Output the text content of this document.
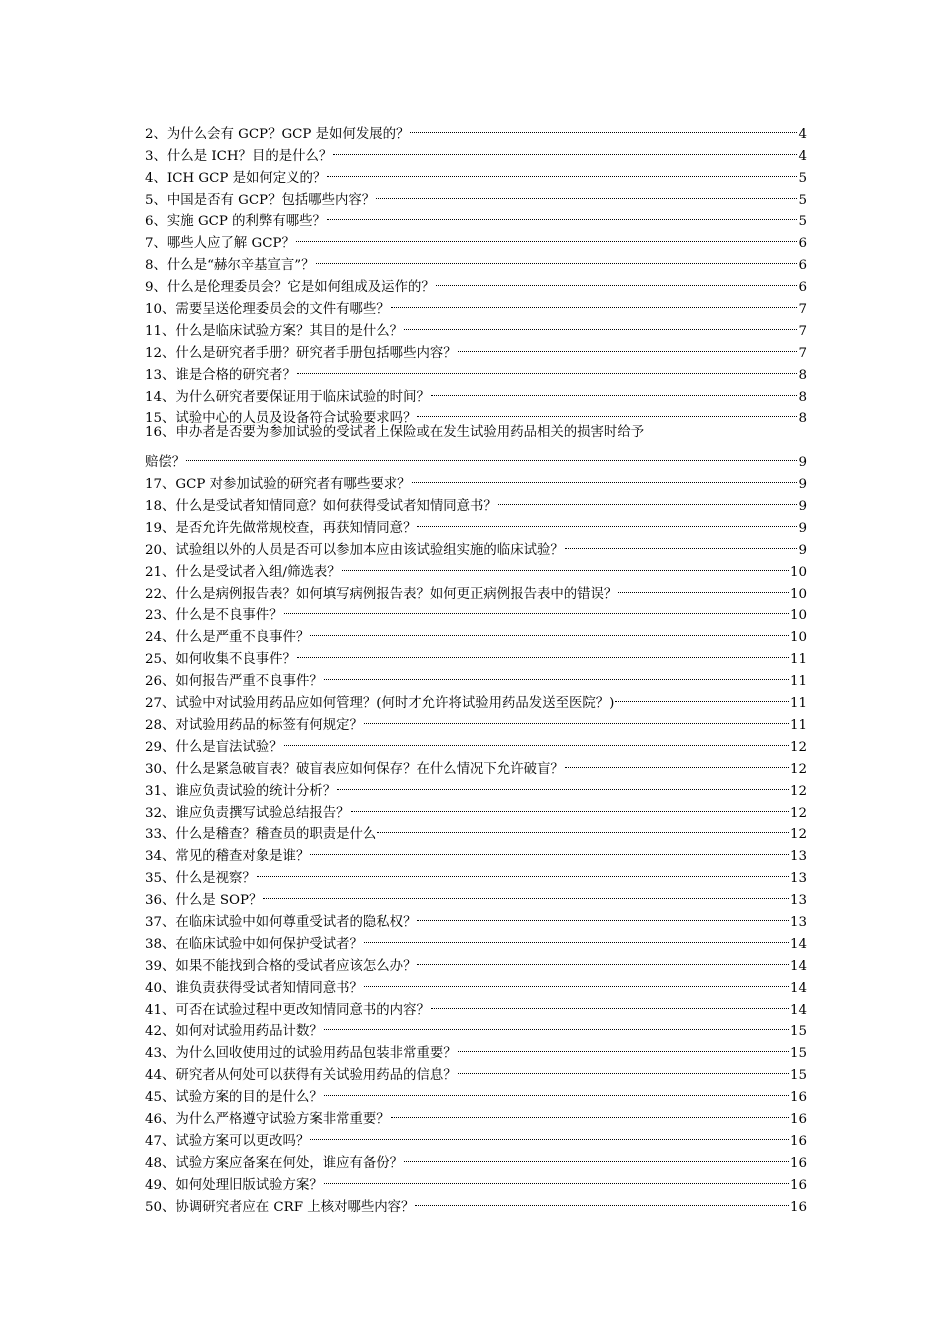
2、为什么会有 GCP？GCP 是如何发展的？	4
3、什么是 ICH？目的是什么？	4
4、ICH GCP 是如何定义的？	5
5、中国是否有 GCP？包括哪些内容？	5
6、实施 GCP 的利弊有哪些？	5
7、哪些人应了解 GCP？	6
8、什么是“赫尔辛基宣言”？	6
9、什么是伦理委员会？它是如何组成及运作的？	6
10、需要呈送伦理委员会的文件有哪些？	7
11、什么是临床试验方案？其目的是什么？	7
12、什么是研究者手册？研究者手册包括哪些内容？	7
13、谁是合格的研究者？	8
14、为什么研究者要保证用于临床试验的时间？	8
15、试验中心的人员及设备符合试验要求吗？	8
16、申办者是否要为参加试验的受试者上保险或在发生试验用药品相关的损害时给予
赔偿？	9
17、GCP 对参加试验的研究者有哪些要求？	9
18、什么是受试者知情同意？如何获得受试者知情同意书？	9
19、是否允许先做常规校查，再获知情同意？	9
20、试验组以外的人员是否可以参加本应由该试验组实施的临床试验？	9
21、什么是受试者入组/筛选表？	10
22、什么是病例报告表？如何填写病例报告表？如何更正病例报告表中的错误？	10
23、什么是不良事件？	10
24、什么是严重不良事件？	10
25、如何收集不良事件？	11
26、如何报告严重不良事件？	11
27、试验中对试验用药品应如何管理？(何时才允许将试验用药品发送至医院？)	11
28、对试验用药品的标签有何规定？	11
29、什么是盲法试验？	12
30、什么是紧急破盲表？破盲表应如何保存？在什么情况下允许破盲？	12
31、谁应负责试验的统计分析？	12
32、谁应负责撰写试验总结报告？	12
33、什么是稽查？稽查员的职责是什么	12
34、常见的稽查对象是谁？	13
35、什么是视察？	13
36、什么是 SOP？	13
37、在临床试验中如何尊重受试者的隐私权？	13
38、在临床试验中如何保护受试者？	14
39、如果不能找到合格的受试者应该怎么办？	14
40、谁负责获得受试者知情同意书？	14
41、可否在试验过程中更改知情同意书的内容？	14
42、如何对试验用药品计数？	15
43、为什么回收使用过的试验用药品包装非常重要？	15
44、研究者从何处可以获得有关试验用药品的信息？	15
45、试验方案的目的是什么？	16
46、为什么严格遵守试验方案非常重要？	16
47、试验方案可以更改吗？	16
48、试验方案应备案在何处，谁应有备份？	16
49、如何处理旧版试验方案？	16
50、协调研究者应在 CRF 上核对哪些内容？	16
